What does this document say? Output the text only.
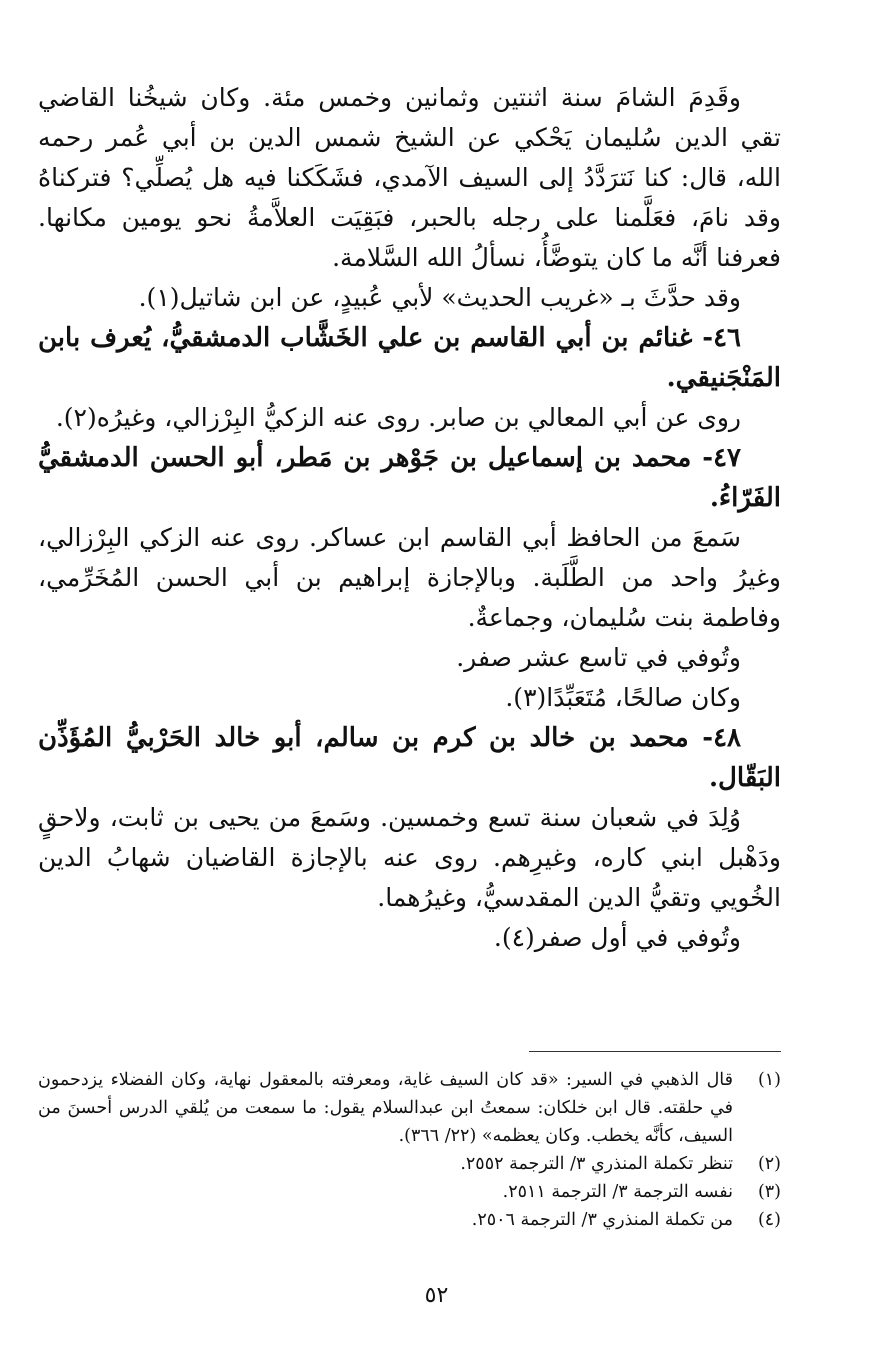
وقَدِمَ الشامَ سنة اثنتين وثمانين وخمس مئة. وكان شيخُنا القاضي تقي الدين سُليمان يَحْكي عن الشيخ شمس الدين بن أبي عُمر رحمه الله، قال: كنا نَترَدَّدُ إلى السيف الآمدي، فشَكَكنا فيه هل يُصلِّي؟ فتركناهُ وقد نامَ، فعَلَّمنا على رجله بالحبر، فبَقِيَت العلاَّمةُ نحو يومين مكانها. فعرفنا أنَّه ما كان يتوضَّأُ، نسألُ الله السَّلامة.

وقد حدَّثَ بـ «غريب الحديث» لأبي عُبيدٍ، عن ابن شاتيل(١).

٤٦- غنائم بن أبي القاسم بن علي الخَشَّاب الدمشقيُّ، يُعرف بابن المَنْجَنيقي.

روى عن أبي المعالي بن صابر. روى عنه الزكيُّ البِرْزالي، وغيرُه(٢).

٤٧- محمد بن إسماعيل بن جَوْهر بن مَطر، أبو الحسن الدمشقيُّ الفَرّاءُ.

سَمعَ من الحافظ أبي القاسم ابن عساكر. روى عنه الزكي البِرْزالي، وغيرُ واحد من الطَّلَبة. وبالإجازة إبراهيم بن أبي الحسن المُخَرِّمي، وفاطمة بنت سُليمان، وجماعةٌ.

وتُوفي في تاسع عشر صفر.

وكان صالحًا، مُتَعَبِّدًا(٣).

٤٨- محمد بن خالد بن كرم بن سالم، أبو خالد الحَرْبيُّ المُؤَذِّن البَقّال.

وُلِدَ في شعبان سنة تسع وخمسين. وسَمعَ من يحيى بن ثابت، ولاحقٍ ودَهْبل ابني كاره، وغيرِهم. روى عنه بالإجازة القاضيان شهابُ الدين الخُويي وتقيُّ الدين المقدسيُّ، وغيرُهما.

وتُوفي في أول صفر(٤).

(١)
قال الذهبي في السير: «قد كان السيف غاية، ومعرفته بالمعقول نهاية، وكان الفضلاء يزدحمون في حلقته. قال ابن خلكان: سمعتُ ابن عبدالسلام يقول: ما سمعت من يُلقي الدرس أحسنَ من السيف، كأنَّه يخطب. وكان يعظمه» (٢٢/ ٣٦٦).
(٢)
تنظر تكملة المنذري ٣/ الترجمة ٢٥٥٢.
(٣)
نفسه الترجمة ٣/ الترجمة ٢٥١١.
(٤)
من تكملة المنذري ٣/ الترجمة ٢٥٠٦.
٥٢
